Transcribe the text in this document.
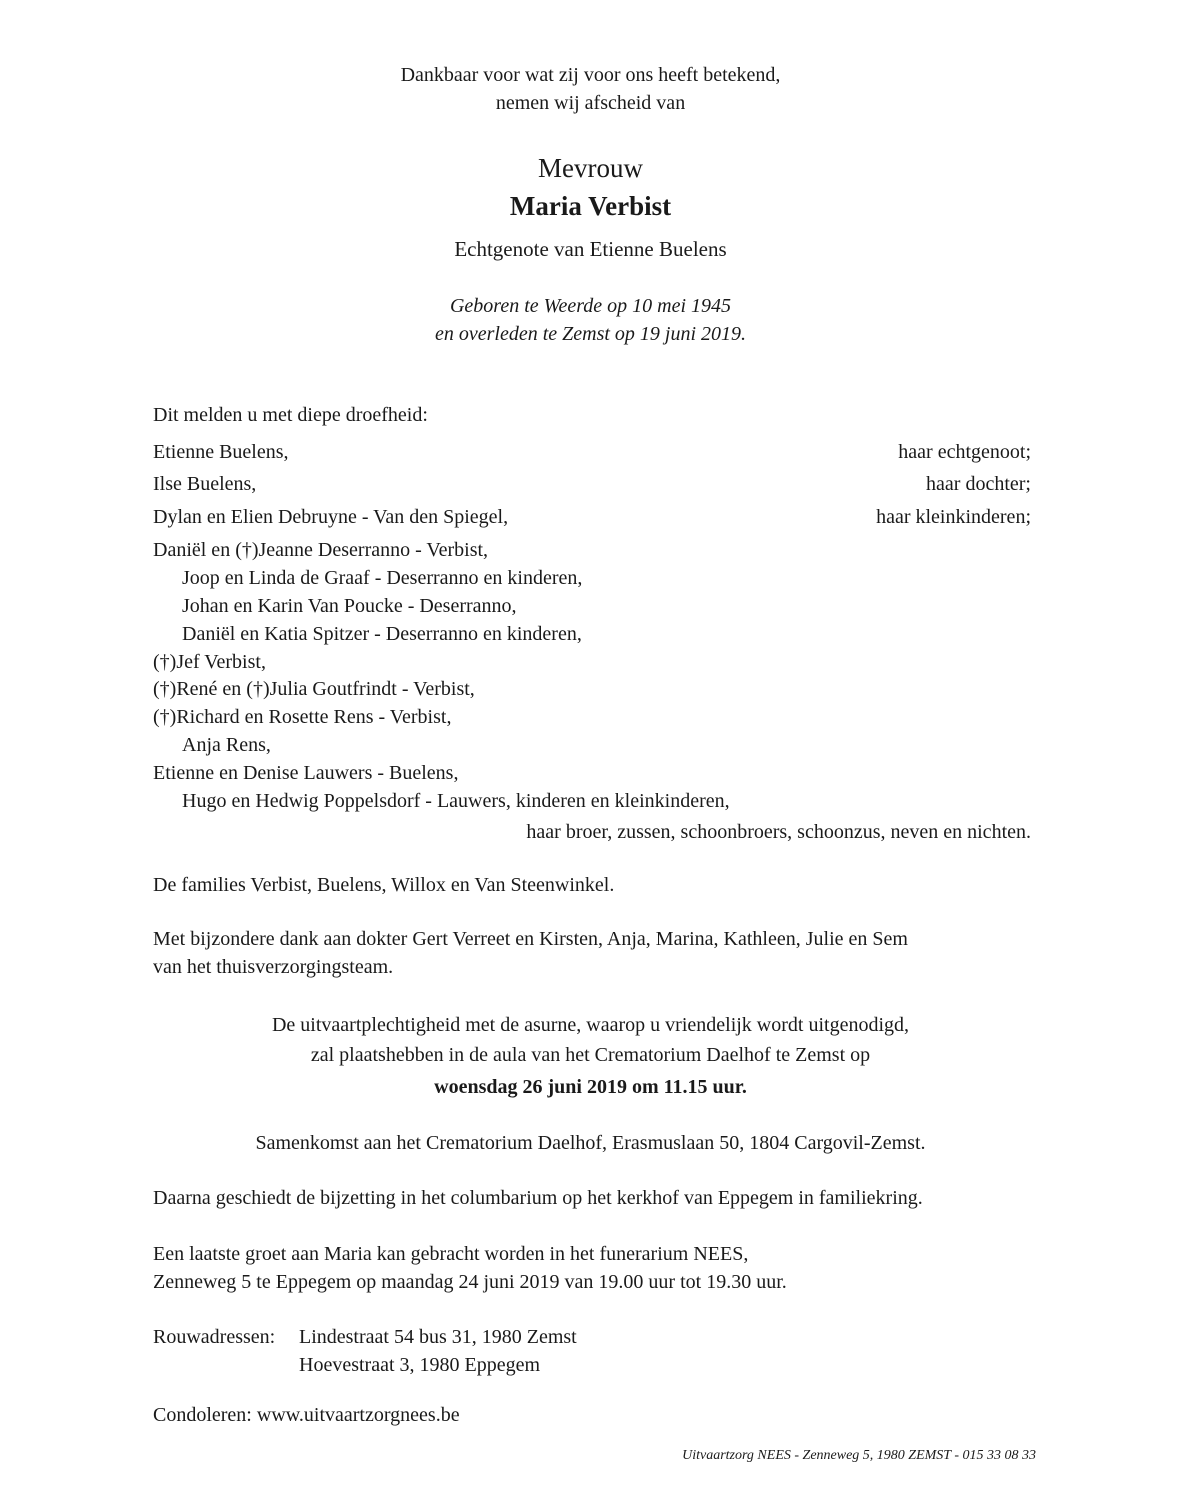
Dankbaar voor wat zij voor ons heeft betekend,
nemen wij afscheid van
Mevrouw
Maria Verbist
Echtgenote van Etienne Buelens
Geboren te Weerde op 10 mei 1945
en overleden te Zemst op 19 juni 2019.
Dit melden u met diepe droefheid:
Etienne Buelens,	haar echtgenoot;
Ilse Buelens,	haar dochter;
Dylan en Elien Debruyne - Van den Spiegel,	haar kleinkinderen;
Daniël en (†)Jeanne Deserranno - Verbist,
Joop en Linda de Graaf - Deserranno en kinderen,
Johan en Karin Van Poucke - Deserranno,
Daniël en Katia Spitzer - Deserranno en kinderen,
(†)Jef Verbist,
(†)René en (†)Julia Goutfrindt - Verbist,
(†)Richard en Rosette Rens - Verbist,
Anja Rens,
Etienne en Denise Lauwers - Buelens,
Hugo en Hedwig Poppelsdorf - Lauwers, kinderen en kleinkinderen,
haar broer, zussen, schoonbroers, schoonzus, neven en nichten.
De families Verbist, Buelens, Willox en Van Steenwinkel.
Met bijzondere dank aan dokter Gert Verreet en Kirsten, Anja, Marina, Kathleen, Julie en Sem
van het thuisverzorgingsteam.
De uitvaartplechtigheid met de asurne, waarop u vriendelijk wordt uitgenodigd,
zal plaatshebben in de aula van het Crematorium Daelhof te Zemst op
woensdag 26 juni 2019 om 11.15 uur.
Samenkomst aan het Crematorium Daelhof, Erasmuslaan 50, 1804 Cargovil-Zemst.
Daarna geschiedt de bijzetting in het columbarium op het kerkhof van Eppegem in familiekring.
Een laatste groet aan Maria kan gebracht worden in het funerarium NEES,
Zenneweg 5 te Eppegem op maandag 24 juni 2019 van 19.00 uur tot 19.30 uur.
Rouwadressen: Lindestraat 54 bus 31, 1980 Zemst
Hoevestraat 3, 1980 Eppegem
Condoleren: www.uitvaartzorgnees.be
Uitvaartzorg NEES - Zenneweg 5, 1980 ZEMST - 015 33 08 33
